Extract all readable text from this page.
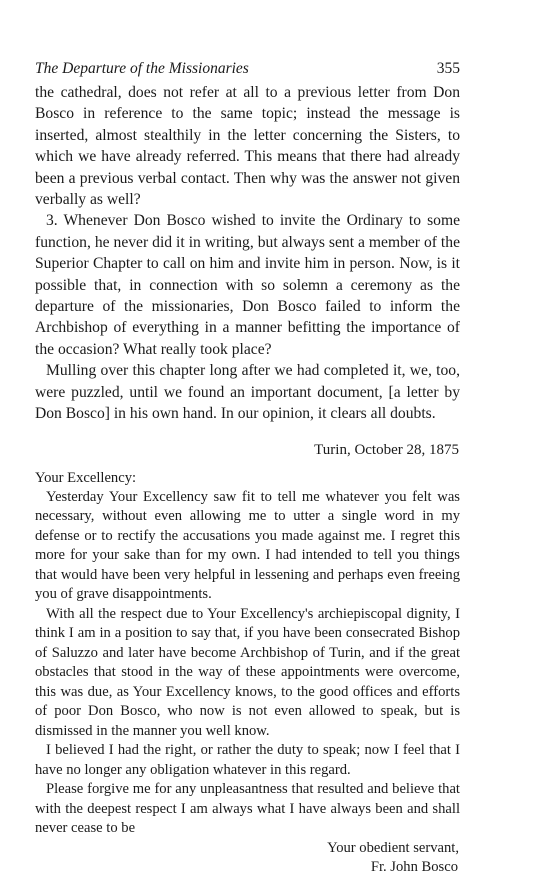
The Departure of the Missionaries	355

the cathedral, does not refer at all to a previous letter from Don Bosco in reference to the same topic; instead the message is inserted, almost stealthily in the letter concerning the Sisters, to which we have already referred. This means that there had already been a previous verbal contact. Then why was the answer not given verbally as well?

3. Whenever Don Bosco wished to invite the Ordinary to some function, he never did it in writing, but always sent a member of the Superior Chapter to call on him and invite him in person. Now, is it possible that, in connection with so solemn a ceremony as the departure of the missionaries, Don Bosco failed to inform the Archbishop of everything in a manner befitting the importance of the occasion? What really took place?

Mulling over this chapter long after we had completed it, we, too, were puzzled, until we found an important document, [a letter by Don Bosco] in his own hand. In our opinion, it clears all doubts.

Turin, October 28, 1875
Your Excellency:

Yesterday Your Excellency saw fit to tell me whatever you felt was necessary, without even allowing me to utter a single word in my defense or to rectify the accusations you made against me. I regret this more for your sake than for my own. I had intended to tell you things that would have been very helpful in lessening and perhaps even freeing you of grave disappointments.

With all the respect due to Your Excellency's archiepiscopal dignity, I think I am in a position to say that, if you have been consecrated Bishop of Saluzzo and later have become Archbishop of Turin, and if the great obstacles that stood in the way of these appointments were overcome, this was due, as Your Excellency knows, to the good offices and efforts of poor Don Bosco, who now is not even allowed to speak, but is dismissed in the manner you well know.

I believed I had the right, or rather the duty to speak; now I feel that I have no longer any obligation whatever in this regard.

Please forgive me for any unpleasantness that resulted and believe that with the deepest respect I am always what I have always been and shall never cease to be

Your obedient servant,
Fr. John Bosco
